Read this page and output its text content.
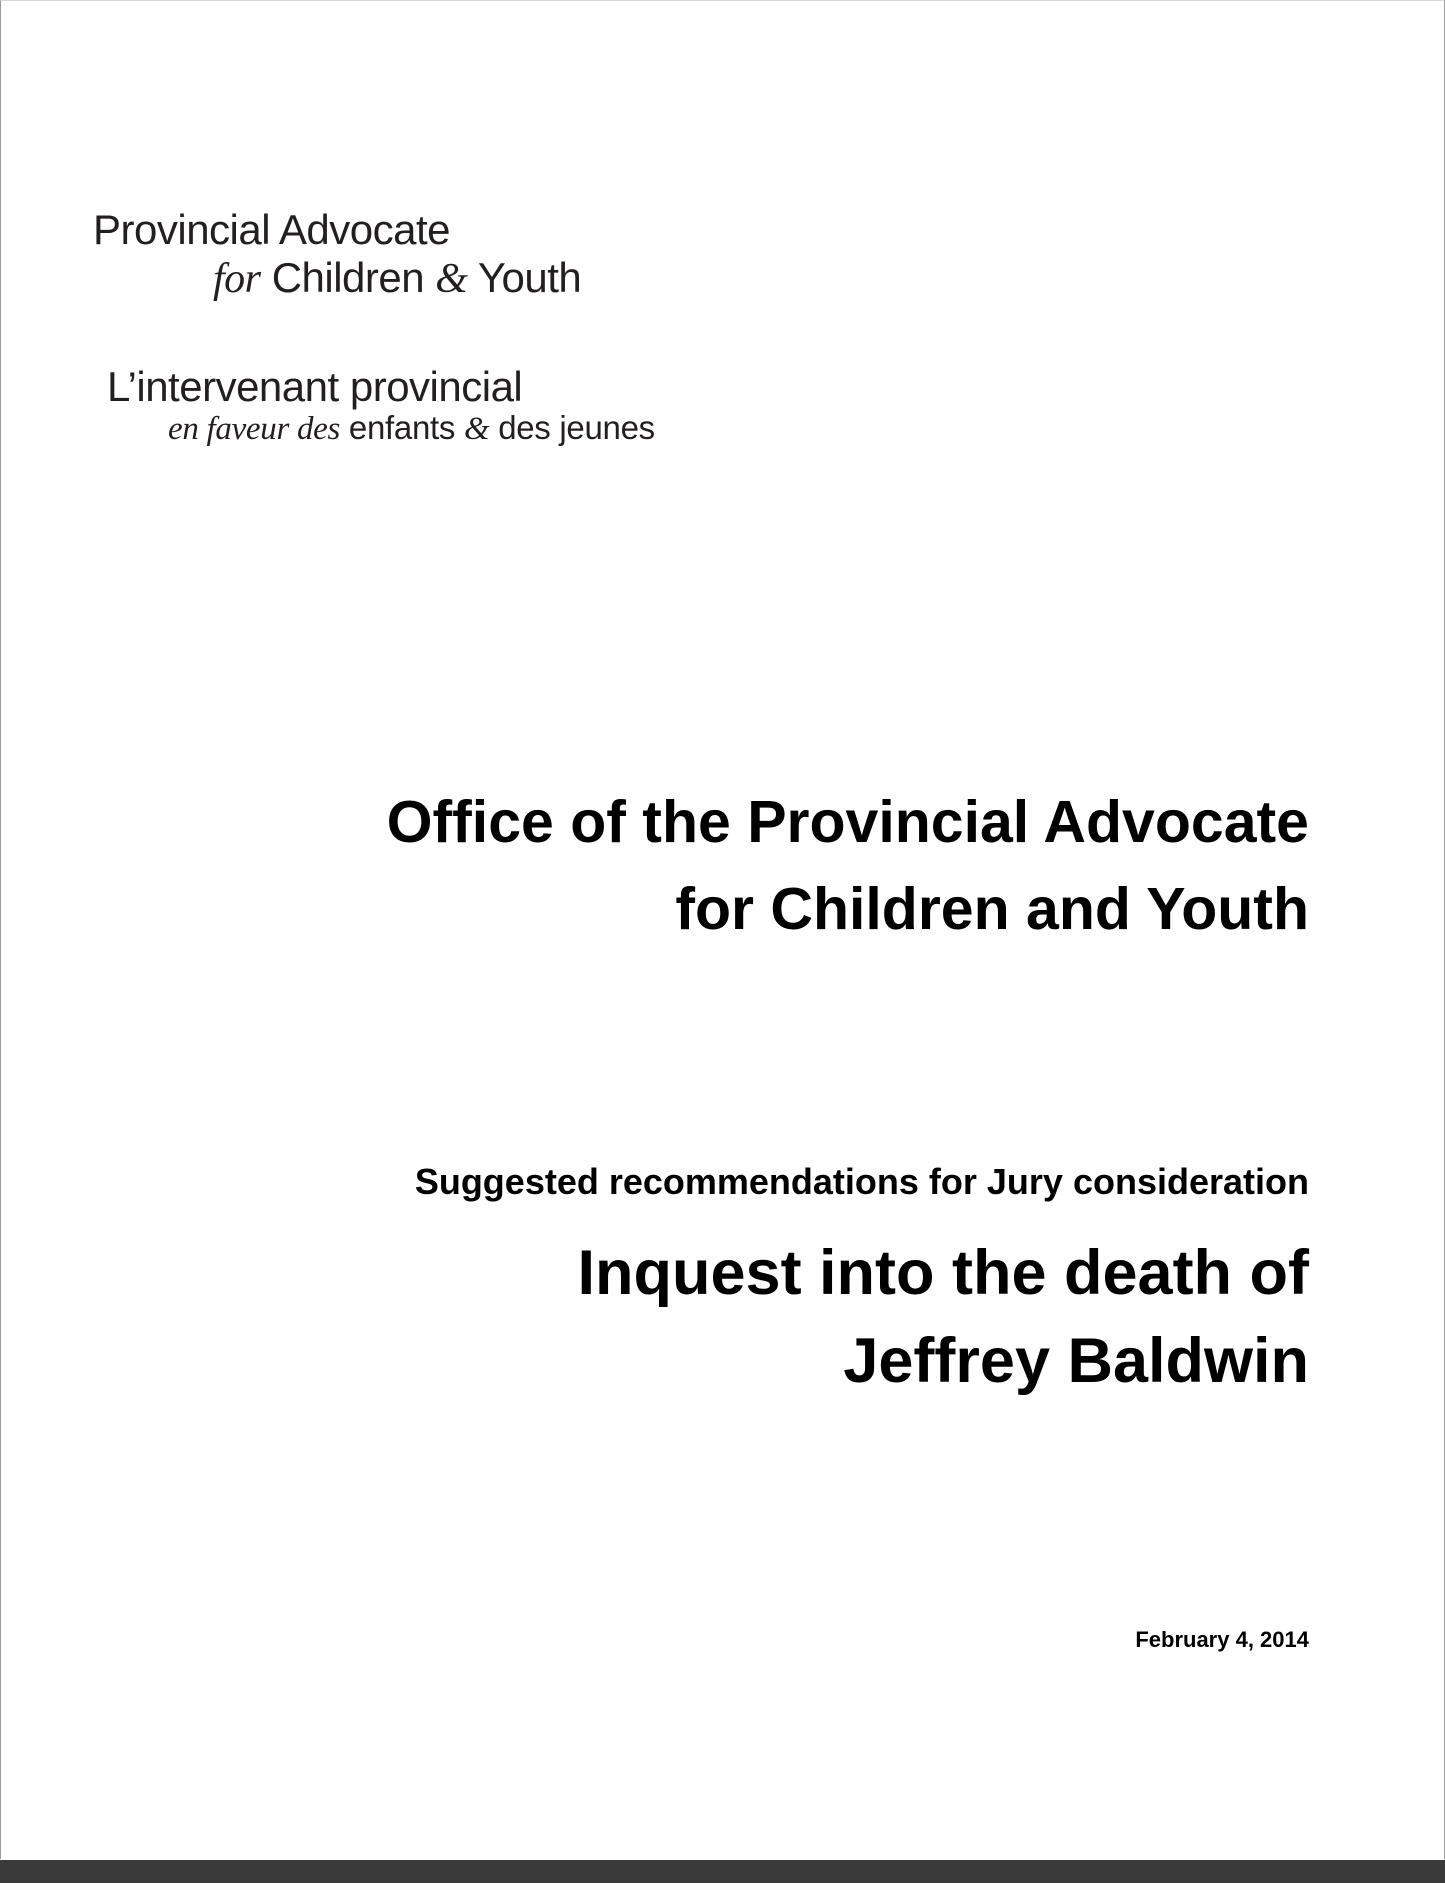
Provincial Advocate
for Children & Youth
L’intervenant provincial
en faveur des enfants & des jeunes
Office of the Provincial Advocate
for Children and Youth
Suggested recommendations for Jury consideration
Inquest into the death of
Jeffrey Baldwin
February 4, 2014
